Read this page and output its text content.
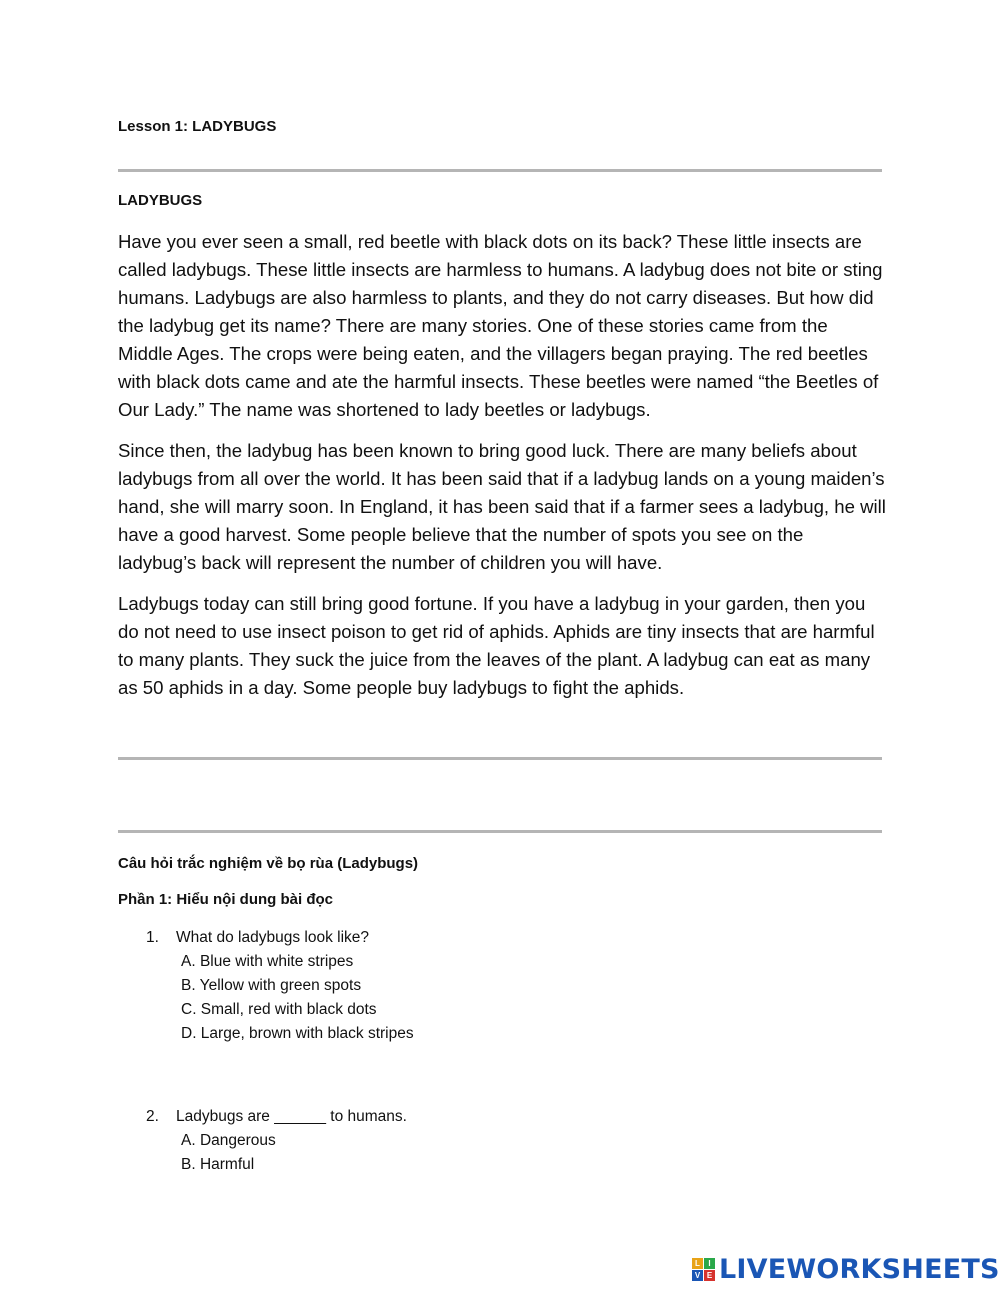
Lesson 1: LADYBUGS
LADYBUGS

Have you ever seen a small, red beetle with black dots on its back? These little insects are called ladybugs. These little insects are harmless to humans. A ladybug does not bite or sting humans. Ladybugs are also harmless to plants, and they do not carry diseases. But how did the ladybug get its name? There are many stories. One of these stories came from the Middle Ages. The crops were being eaten, and the villagers began praying. The red beetles with black dots came and ate the harmful insects. These beetles were named “the Beetles of Our Lady.” The name was shortened to lady beetles or ladybugs.

Since then, the ladybug has been known to bring good luck. There are many beliefs about ladybugs from all over the world. It has been said that if a ladybug lands on a young maiden’s hand, she will marry soon. In England, it has been said that if a farmer sees a ladybug, he will have a good harvest. Some people believe that the number of spots you see on the ladybug’s back will represent the number of children you will have.

Ladybugs today can still bring good fortune. If you have a ladybug in your garden, then you do not need to use insect poison to get rid of aphids. Aphids are tiny insects that are harmful to many plants. They suck the juice from the leaves of the plant. A ladybug can eat as many as 50 aphids in a day. Some people buy ladybugs to fight the aphids.

Câu hỏi trắc nghiệm về bọ rùa (Ladybugs)
Phần 1: Hiểu nội dung bài đọc
1. What do ladybugs look like?
A. Blue with white stripes
B. Yellow with green spots
C. Small, red with black dots
D. Large, brown with black stripes
2. Ladybugs are ______ to humans.
A. Dangerous
B. Harmful
L	I
V E LIVEWORKSHEETS
